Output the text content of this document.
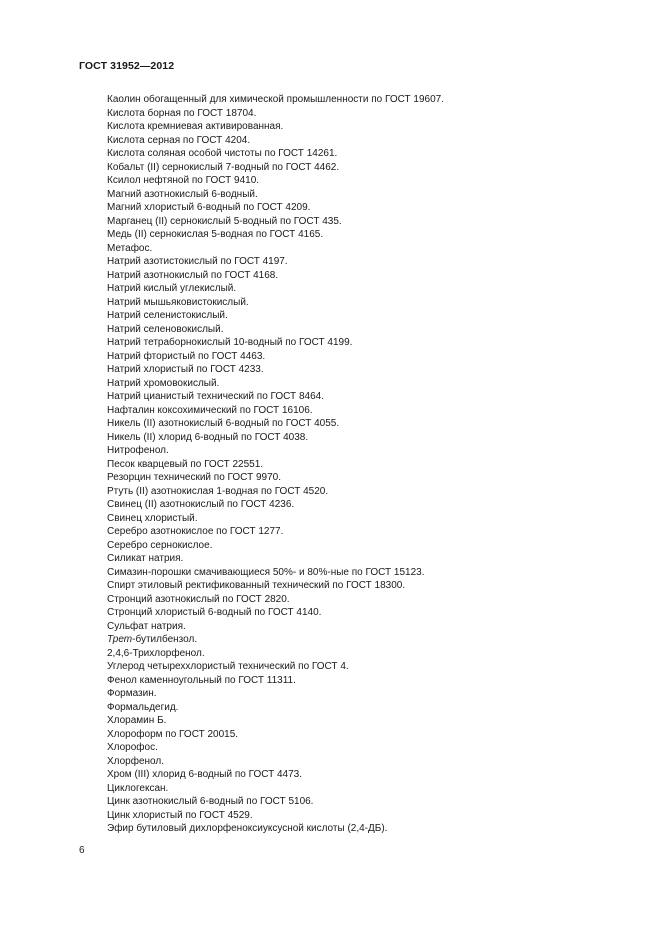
ГОСТ 31952—2012
Каолин обогащенный для химической промышленности по ГОСТ 19607.
Кислота борная по ГОСТ 18704.
Кислота кремниевая активированная.
Кислота серная по ГОСТ 4204.
Кислота соляная особой чистоты по ГОСТ 14261.
Кобальт (II) сернокислый 7-водный по ГОСТ 4462.
Ксилол нефтяной по ГОСТ 9410.
Магний азотнокислый 6-водный.
Магний хлористый 6-водный по ГОСТ 4209.
Марганец (II) сернокислый 5-водный по ГОСТ 435.
Медь (II) сернокислая 5-водная по ГОСТ 4165.
Метафос.
Натрий азотистокислый по ГОСТ 4197.
Натрий азотнокислый по ГОСТ 4168.
Натрий кислый углекислый.
Натрий мышьяковистокислый.
Натрий селенистокислый.
Натрий селеновокислый.
Натрий тетраборнокислый 10-водный по ГОСТ 4199.
Натрий фтористый по ГОСТ 4463.
Натрий хлористый по ГОСТ 4233.
Натрий хромовокислый.
Натрий цианистый технический по ГОСТ 8464.
Нафталин коксохимический по ГОСТ 16106.
Никель (II) азотнокислый 6-водный по ГОСТ 4055.
Никель (II) хлорид 6-водный по ГОСТ 4038.
Нитрофенол.
Песок кварцевый по ГОСТ 22551.
Резорцин технический по ГОСТ 9970.
Ртуть (II) азотнокислая 1-водная по ГОСТ 4520.
Свинец (II) азотнокислый по ГОСТ 4236.
Свинец хлористый.
Серебро азотнокислое по ГОСТ 1277.
Серебро сернокислое.
Силикат натрия.
Симазин-порошки смачивающиеся 50%- и 80%-ные по ГОСТ 15123.
Спирт этиловый ректификованный технический по ГОСТ 18300.
Стронций азотнокислый по ГОСТ 2820.
Стронций хлористый 6-водный по ГОСТ 4140.
Сульфат натрия.
Трет-бутилбензол.
2,4,6-Трихлорфенол.
Углерод четыреххлористый технический по ГОСТ 4.
Фенол каменноугольный по ГОСТ 11311.
Формазин.
Формальдегид.
Хлорамин Б.
Хлороформ по ГОСТ 20015.
Хлорофос.
Хлорфенол.
Хром (III) хлорид 6-водный по ГОСТ 4473.
Циклогексан.
Цинк азотнокислый 6-водный по ГОСТ 5106.
Цинк хлористый по ГОСТ 4529.
Эфир бутиловый дихлорфеноксиуксусной кислоты (2,4-ДБ).
6
